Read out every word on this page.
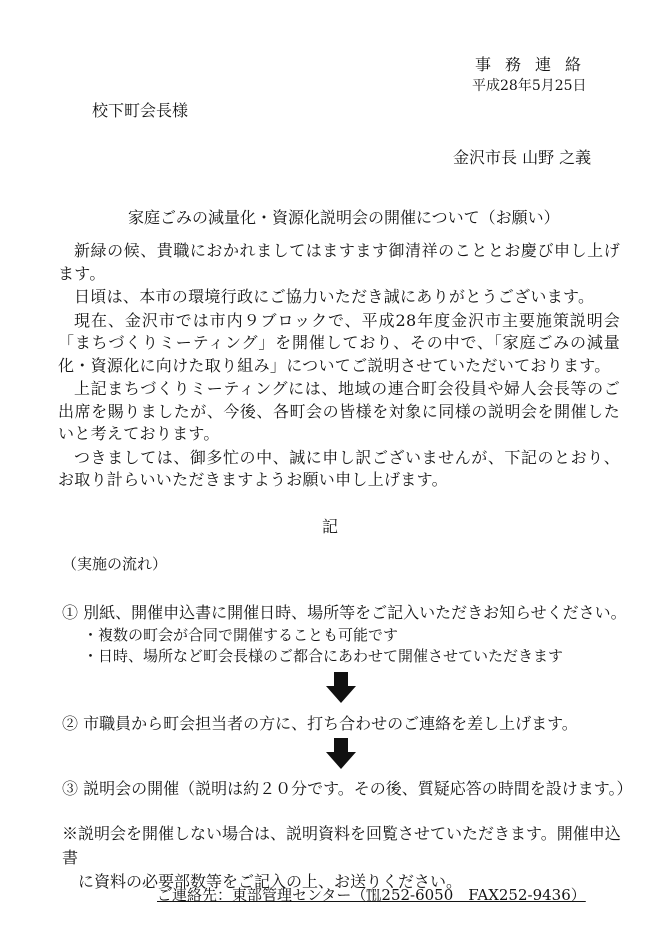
事務連絡
平成28年5月25日
校下町会長様
金沢市長 山野 之義
家庭ごみの減量化・資源化説明会の開催について（お願い）

新緑の候、貴職におかれましてはますます御清祥のこととお慶び申し上げます。

日頃は、本市の環境行政にご協力いただき誠にありがとうございます。

現在、金沢市では市内９ブロックで、平成28年度金沢市主要施策説明会「まちづくりミーティング」を開催しており、その中で、「家庭ごみの減量化・資源化に向けた取り組み」についてご説明させていただいております。

上記まちづくりミーティングには、地域の連合町会役員や婦人会長等のご出席を賜りましたが、今後、各町会の皆様を対象に同様の説明会を開催したいと考えております。

つきましては、御多忙の中、誠に申し訳ございませんが、下記のとおり、お取り計らいいただきますようお願い申し上げます。

記
（実施の流れ）
① 別紙、開催申込書に開催日時、場所等をご記入いただきお知らせください。
・複数の町会が合同で開催することも可能です
・日時、場所など町会長様のご都合にあわせて開催させていただきます
② 市職員から町会担当者の方に、打ち合わせのご連絡を差し上げます。
③ 説明会の開催（説明は約２０分です。その後、質疑応答の時間を設けます。）
※説明会を開催しない場合は、説明資料を回覧させていただきます。開催申込書
に資料の必要部数等をご記入の上、お送りください。
ご連絡先：東部管理センター（℡252-6050　FAX252-9436）
